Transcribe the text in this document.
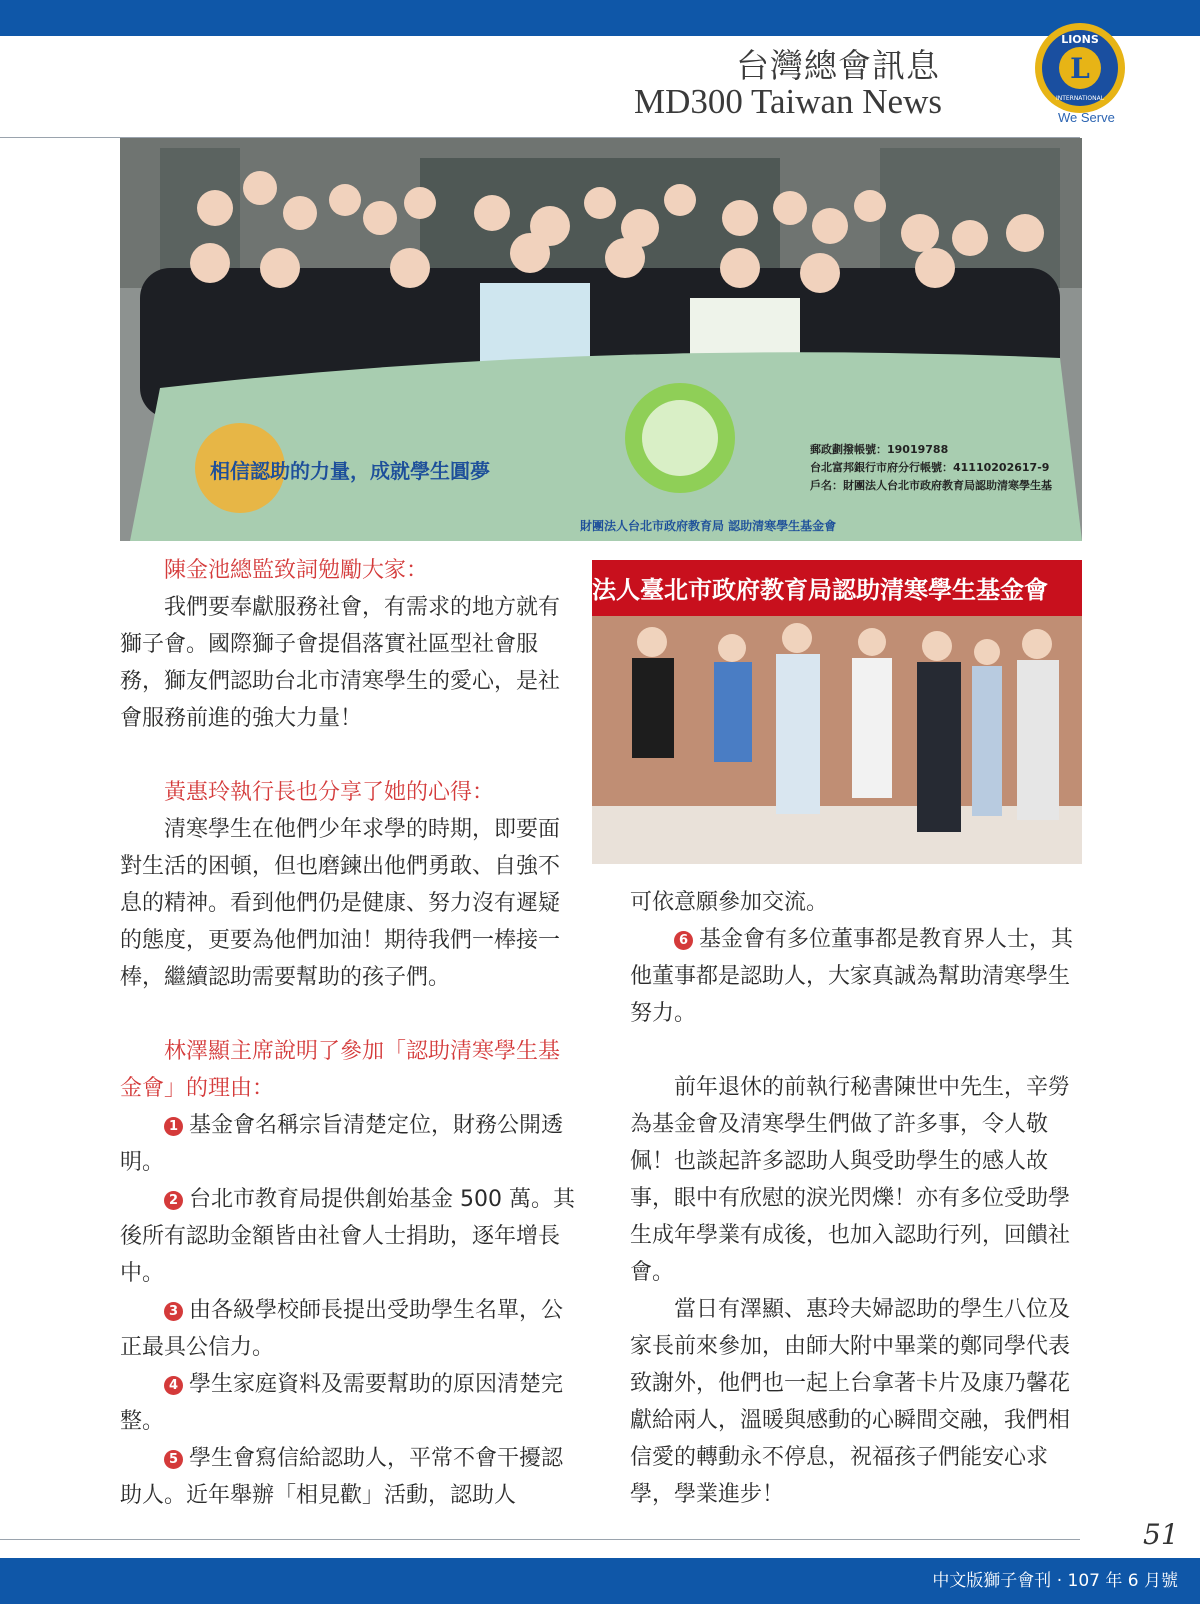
台灣總會訊息
MD300 Taiwan News
L
LIONS
INTERNATIONAL
We Serve
相信認助的力量，成就學生圓夢
財團法人台北市政府教育局 認助清寒學生基金會
郵政劃撥帳號：19019788
台北富邦銀行市府分行帳號：41110202617-9
戶名：財團法人台北市政府教育局認助清寒學生基
法人臺北市政府教育局認助清寒學生基金會

陳金池總監致詞勉勵大家：

我們要奉獻服務社會，有需求的地方就有獅子會。國際獅子會提倡落實社區型社會服務，獅友們認助台北市清寒學生的愛心，是社會服務前進的強大力量！

黃惠玲執行長也分享了她的心得：

清寒學生在他們少年求學的時期，即要面對生活的困頓，但也磨鍊出他們勇敢、自強不息的精神。看到他們仍是健康、努力沒有遲疑的態度，更要為他們加油！期待我們一棒接一棒，繼續認助需要幫助的孩子們。

林澤顯主席說明了參加「認助清寒學生基金會」的理由：

1 基金會名稱宗旨清楚定位，財務公開透明。

2 台北市教育局提供創始基金 500 萬。其後所有認助金額皆由社會人士捐助，逐年增長中。

3 由各級學校師長提出受助學生名單，公正最具公信力。

4 學生家庭資料及需要幫助的原因清楚完整。

5 學生會寫信給認助人，平常不會干擾認助人。近年舉辦「相見歡」活動，認助人

可依意願參加交流。

6 基金會有多位董事都是教育界人士，其他董事都是認助人，大家真誠為幫助清寒學生努力。

前年退休的前執行秘書陳世中先生，辛勞為基金會及清寒學生們做了許多事，令人敬佩！也談起許多認助人與受助學生的感人故事，眼中有欣慰的淚光閃爍！亦有多位受助學生成年學業有成後，也加入認助行列，回饋社會。

當日有澤顯、惠玲夫婦認助的學生八位及家長前來參加，由師大附中畢業的鄭同學代表致謝外，他們也一起上台拿著卡片及康乃馨花獻給兩人，溫暖與感動的心瞬間交融，我們相信愛的轉動永不停息，祝福孩子們能安心求學，學業進步！

51
中文版獅子會刊 ‧ 107 年 6 月號
